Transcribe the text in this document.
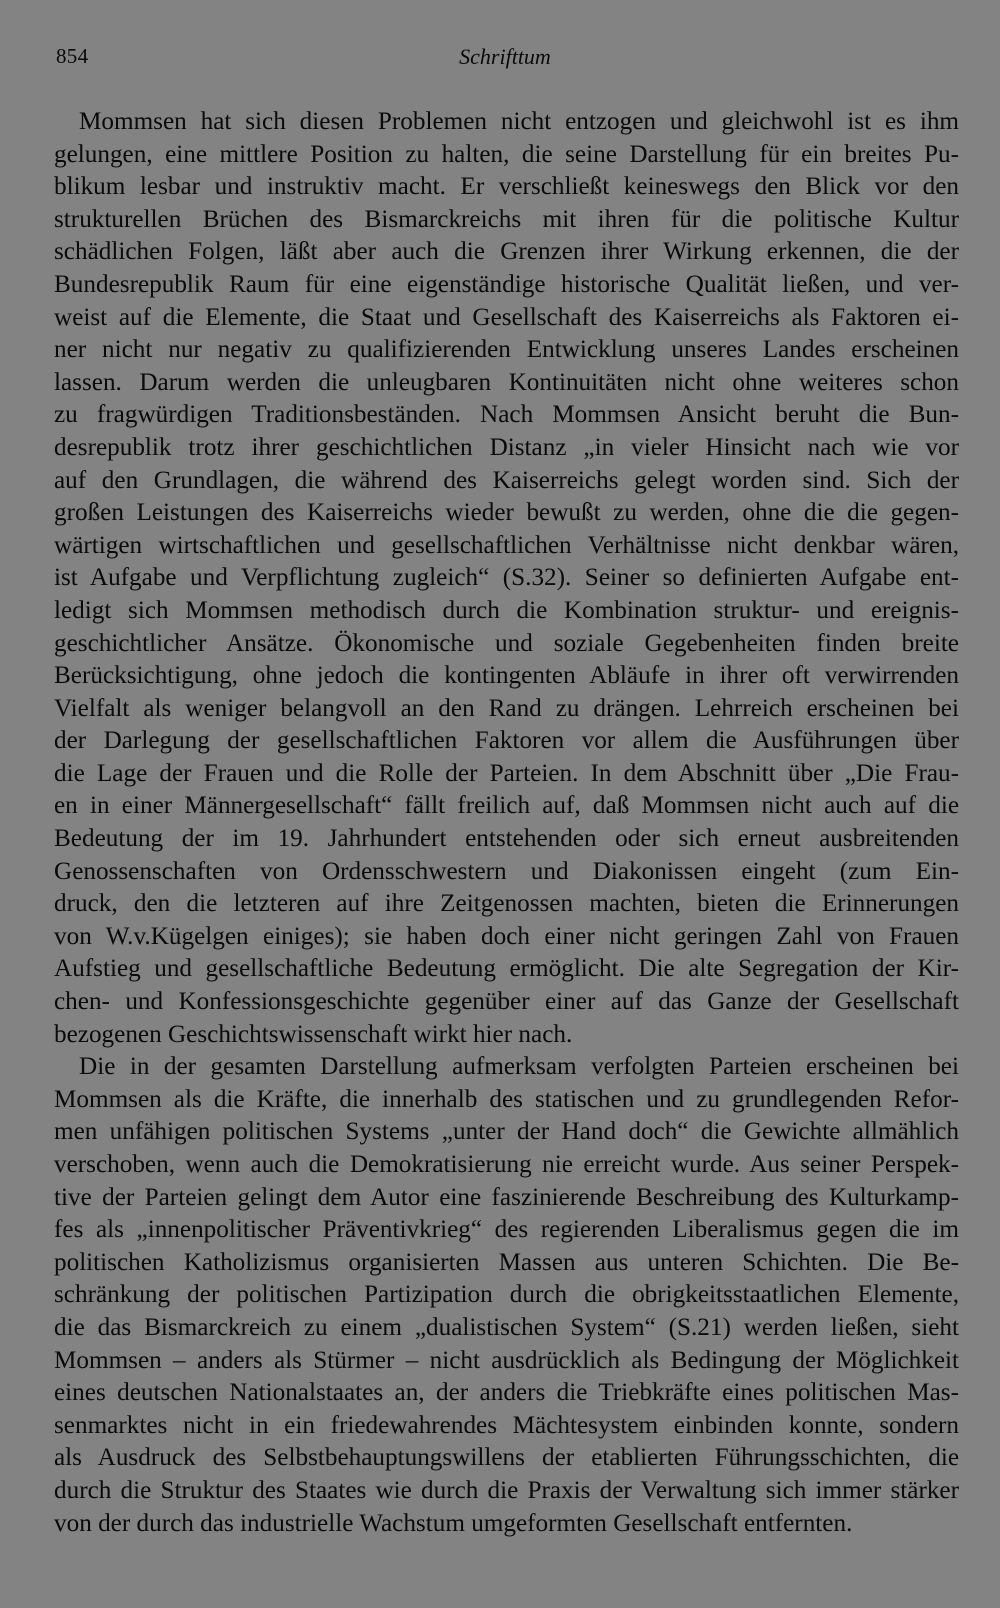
854	Schrifttum
Mommsen hat sich diesen Problemen nicht entzogen und gleichwohl ist es ihm
gelungen, eine mittlere Position zu halten, die seine Darstellung für ein breites Pu-
blikum lesbar und instruktiv macht. Er verschließt keineswegs den Blick vor den
strukturellen Brüchen des Bismarckreichs mit ihren für die politische Kultur
schädlichen Folgen, läßt aber auch die Grenzen ihrer Wirkung erkennen, die der
Bundesrepublik Raum für eine eigenständige historische Qualität ließen, und ver-
weist auf die Elemente, die Staat und Gesellschaft des Kaiserreichs als Faktoren ei-
ner nicht nur negativ zu qualifizierenden Entwicklung unseres Landes erscheinen
lassen. Darum werden die unleugbaren Kontinuitäten nicht ohne weiteres schon
zu fragwürdigen Traditionsbeständen. Nach Mommsen Ansicht beruht die Bun-
desrepublik trotz ihrer geschichtlichen Distanz „in vieler Hinsicht nach wie vor
auf den Grundlagen, die während des Kaiserreichs gelegt worden sind. Sich der
großen Leistungen des Kaiserreichs wieder bewußt zu werden, ohne die die gegen-
wärtigen wirtschaftlichen und gesellschaftlichen Verhältnisse nicht denkbar wären,
ist Aufgabe und Verpflichtung zugleich“ (S.32). Seiner so definierten Aufgabe ent-
ledigt sich Mommsen methodisch durch die Kombination struktur- und ereignis-
geschichtlicher Ansätze. Ökonomische und soziale Gegebenheiten finden breite
Berücksichtigung, ohne jedoch die kontingenten Abläufe in ihrer oft verwirrenden
Vielfalt als weniger belangvoll an den Rand zu drängen. Lehrreich erscheinen bei
der Darlegung der gesellschaftlichen Faktoren vor allem die Ausführungen über
die Lage der Frauen und die Rolle der Parteien. In dem Abschnitt über „Die Frau-
en in einer Männergesellschaft“ fällt freilich auf, daß Mommsen nicht auch auf die
Bedeutung der im 19. Jahrhundert entstehenden oder sich erneut ausbreitenden
Genossenschaften von Ordensschwestern und Diakonissen eingeht (zum Ein-
druck, den die letzteren auf ihre Zeitgenossen machten, bieten die Erinnerungen
von W.v.Kügelgen einiges); sie haben doch einer nicht geringen Zahl von Frauen
Aufstieg und gesellschaftliche Bedeutung ermöglicht. Die alte Segregation der Kir-
chen- und Konfessionsgeschichte gegenüber einer auf das Ganze der Gesellschaft
bezogenen Geschichtswissenschaft wirkt hier nach.
Die in der gesamten Darstellung aufmerksam verfolgten Parteien erscheinen bei
Mommsen als die Kräfte, die innerhalb des statischen und zu grundlegenden Refor-
men unfähigen politischen Systems „unter der Hand doch“ die Gewichte allmählich
verschoben, wenn auch die Demokratisierung nie erreicht wurde. Aus seiner Perspek-
tive der Parteien gelingt dem Autor eine faszinierende Beschreibung des Kulturkamp-
fes als „innenpolitischer Präventivkrieg“ des regierenden Liberalismus gegen die im
politischen Katholizismus organisierten Massen aus unteren Schichten. Die Be-
schränkung der politischen Partizipation durch die obrigkeitsstaatlichen Elemente,
die das Bismarckreich zu einem „dualistischen System“ (S.21) werden ließen, sieht
Mommsen – anders als Stürmer – nicht ausdrücklich als Bedingung der Möglichkeit
eines deutschen Nationalstaates an, der anders die Triebkräfte eines politischen Mas-
senmarktes nicht in ein friedewahrendes Mächtesystem einbinden konnte, sondern
als Ausdruck des Selbstbehauptungswillens der etablierten Führungsschichten, die
durch die Struktur des Staates wie durch die Praxis der Verwaltung sich immer stärker
von der durch das industrielle Wachstum umgeformten Gesellschaft entfernten.
